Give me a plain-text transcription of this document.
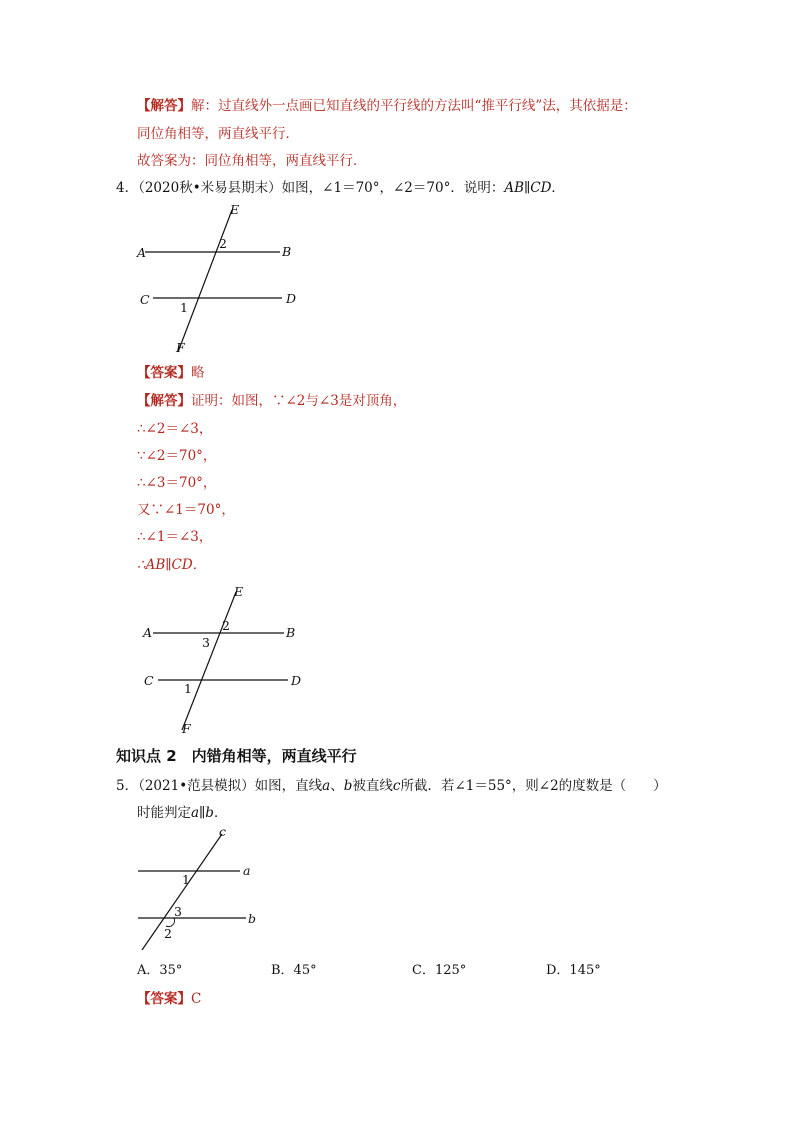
【解答】解：过直线外一点画已知直线的平行线的方法叫“推平行线”法，其依据是：
同位角相等，两直线平行．
故答案为：同位角相等，两直线平行．
4．（2020秋•米易县期末）如图，∠1＝70°，∠2＝70°．说明：AB∥CD．
E
A	B
C	D
F
1
2
【答案】略
【解答】证明：如图，∵∠2与∠3是对顶角，
∴∠2＝∠3，
∵∠2＝70°，
∴∠3＝70°，
又∵∠1＝70°，
∴∠1＝∠3，
∴AB∥CD．
E
A	B
C	D
F
1
2
3
知识点 2　内错角相等，两直线平行
5．（2021•范县模拟）如图，直线a、b被直线c所截．若∠1＝55°，则∠2的度数是（　　）
时能判定a∥b．
c
a
b
1
3
2
A．35°	B．45°	C．125°	D．145°
【答案】C
